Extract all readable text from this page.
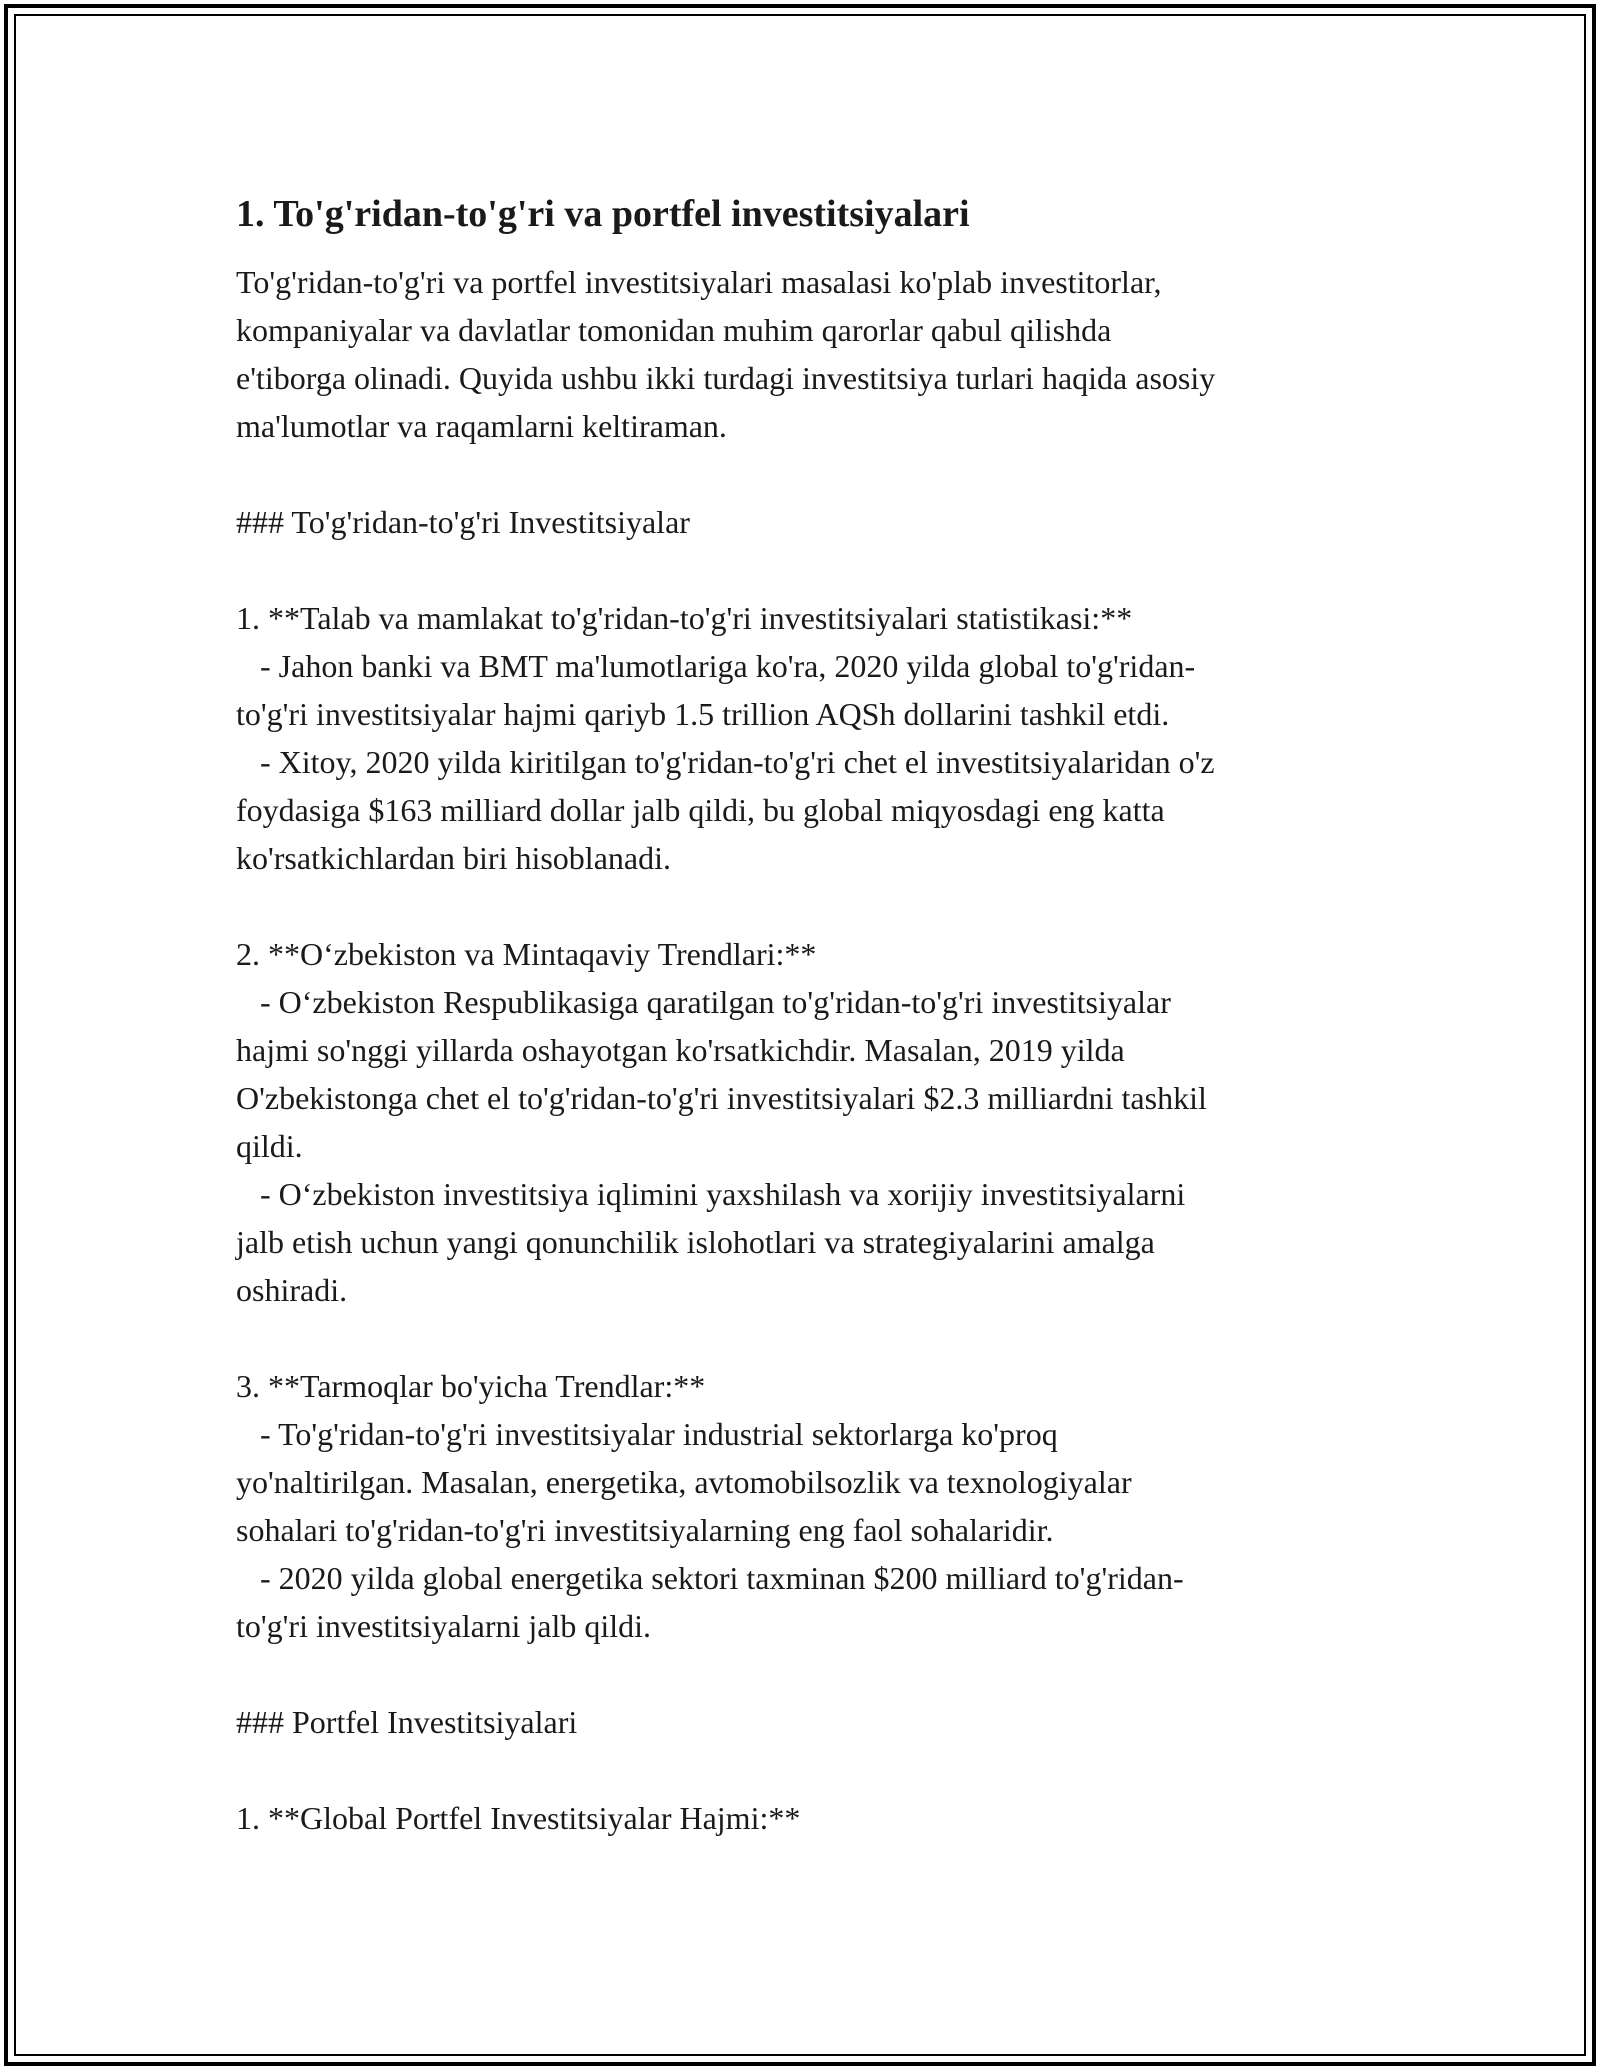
1. To'g'ridan-to'g'ri va portfel investitsiyalari
To'g'ridan-to'g'ri va portfel investitsiyalari masalasi ko'plab investitorlar,
kompaniyalar va davlatlar tomonidan muhim qarorlar qabul qilishda
e'tiborga olinadi. Quyida ushbu ikki turdagi investitsiya turlari haqida asosiy
ma'lumotlar va raqamlarni keltiraman.
### To'g'ridan-to'g'ri Investitsiyalar
1. **Talab va mamlakat to'g'ridan-to'g'ri investitsiyalari statistikasi:**
- Jahon banki va BMT ma'lumotlariga ko'ra, 2020 yilda global to'g'ridan-
to'g'ri investitsiyalar hajmi qariyb 1.5 trillion AQSh dollarini tashkil etdi.
- Xitoy, 2020 yilda kiritilgan to'g'ridan-to'g'ri chet el investitsiyalaridan o'z
foydasiga $163 milliard dollar jalb qildi, bu global miqyosdagi eng katta
ko'rsatkichlardan biri hisoblanadi.
2. **O‘zbekiston va Mintaqaviy Trendlari:**
- O‘zbekiston Respublikasiga qaratilgan to'g'ridan-to'g'ri investitsiyalar
hajmi so'nggi yillarda oshayotgan ko'rsatkichdir. Masalan, 2019 yilda
O'zbekistonga chet el to'g'ridan-to'g'ri investitsiyalari $2.3 milliardni tashkil
qildi.
- O‘zbekiston investitsiya iqlimini yaxshilash va xorijiy investitsiyalarni
jalb etish uchun yangi qonunchilik islohotlari va strategiyalarini amalga
oshiradi.
3. **Tarmoqlar bo'yicha Trendlar:**
- To'g'ridan-to'g'ri investitsiyalar industrial sektorlarga ko'proq
yo'naltirilgan. Masalan, energetika, avtomobilsozlik va texnologiyalar
sohalari to'g'ridan-to'g'ri investitsiyalarning eng faol sohalaridir.
- 2020 yilda global energetika sektori taxminan $200 milliard to'g'ridan-
to'g'ri investitsiyalarni jalb qildi.
### Portfel Investitsiyalari
1. **Global Portfel Investitsiyalar Hajmi:**
